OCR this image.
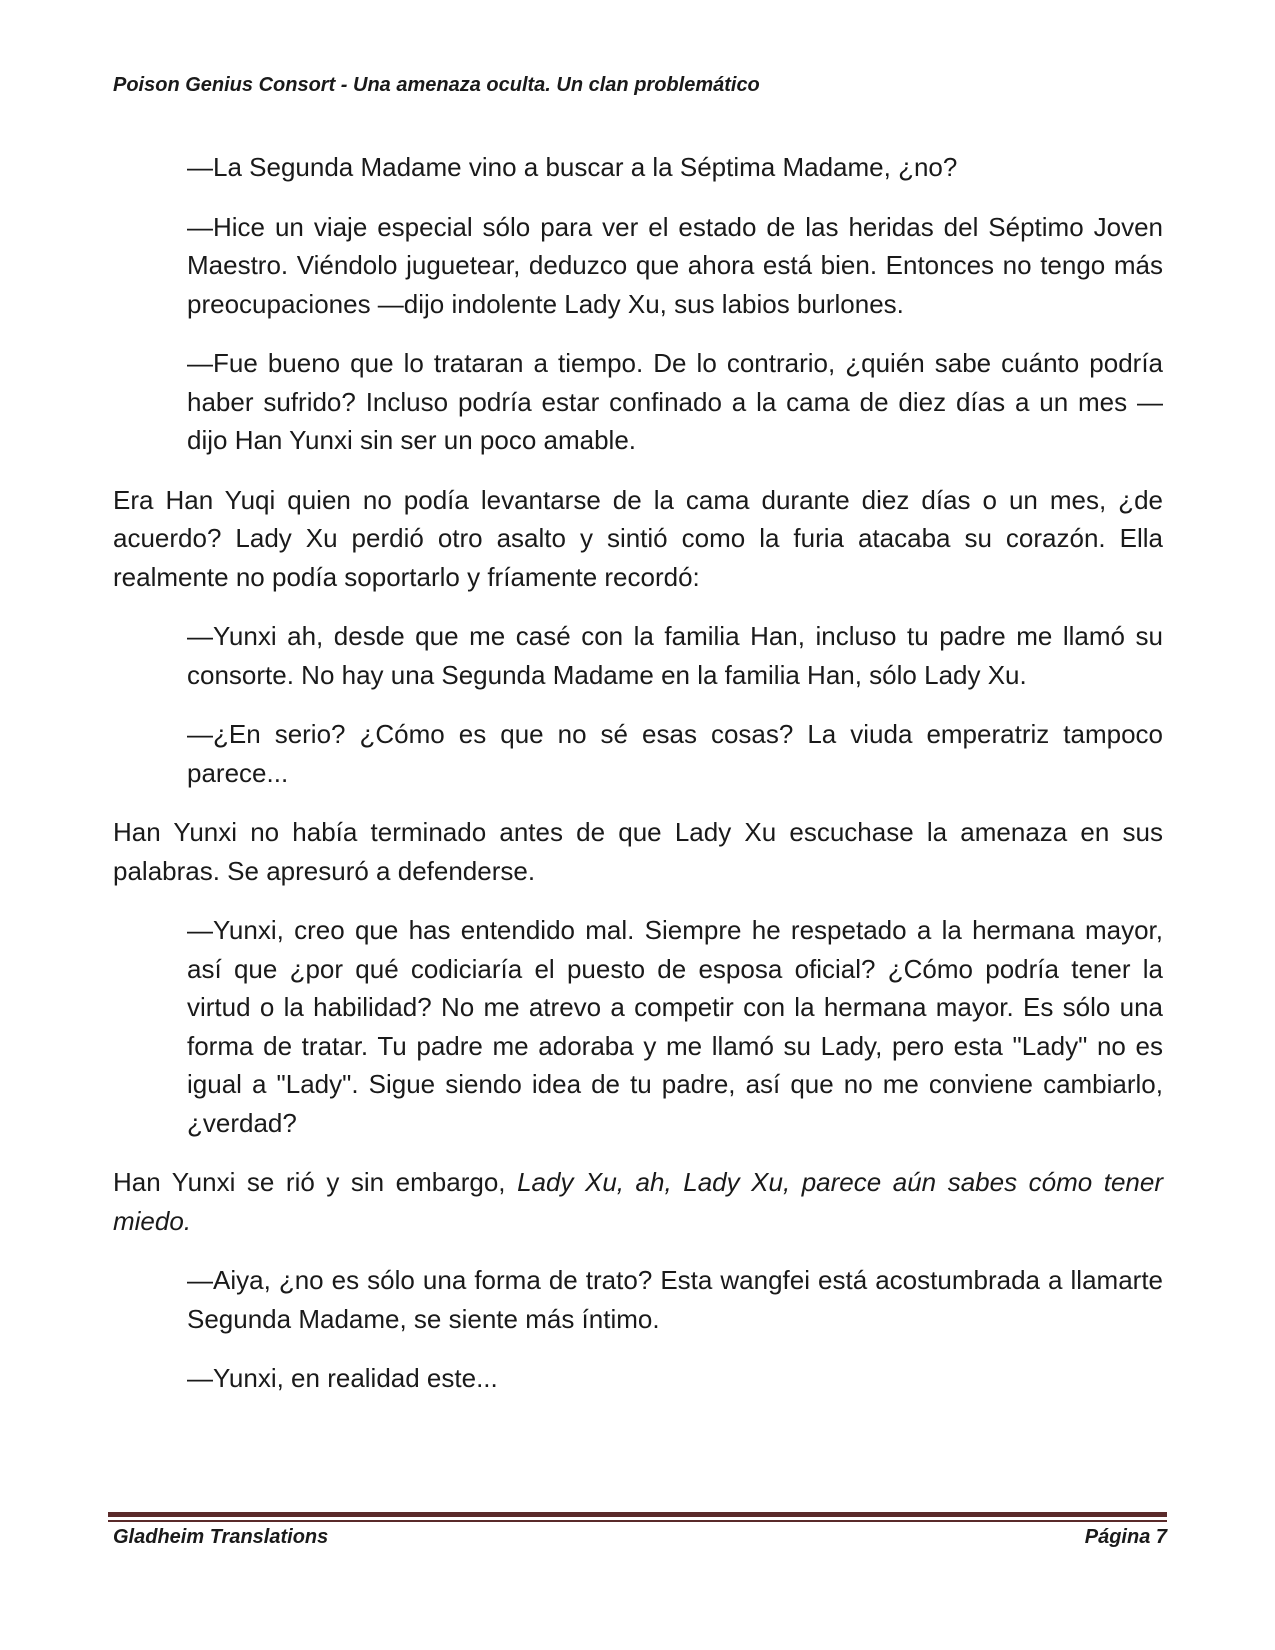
Poison Genius Consort - Una amenaza oculta. Un clan problemático

—La Segunda Madame vino a buscar a la Séptima Madame, ¿no?

—Hice un viaje especial sólo para ver el estado de las heridas del Séptimo Joven Maestro. Viéndolo juguetear, deduzco que ahora está bien. Entonces no tengo más preocupaciones —dijo indolente Lady Xu, sus labios burlones.

—Fue bueno que lo trataran a tiempo. De lo contrario, ¿quién sabe cuánto podría haber sufrido? Incluso podría estar confinado a la cama de diez días a un mes —dijo Han Yunxi sin ser un poco amable.

Era Han Yuqi quien no podía levantarse de la cama durante diez días o un mes, ¿de acuerdo? Lady Xu perdió otro asalto y sintió como la furia atacaba su corazón. Ella realmente no podía soportarlo y fríamente recordó:

—Yunxi ah, desde que me casé con la familia Han, incluso tu padre me llamó su consorte. No hay una Segunda Madame en la familia Han, sólo Lady Xu.

—¿En serio? ¿Cómo es que no sé esas cosas? La viuda emperatriz tampoco parece...

Han Yunxi no había terminado antes de que Lady Xu escuchase la amenaza en sus palabras. Se apresuró a defenderse.

—Yunxi, creo que has entendido mal. Siempre he respetado a la hermana mayor, así que ¿por qué codiciaría el puesto de esposa oficial? ¿Cómo podría tener la virtud o la habilidad? No me atrevo a competir con la hermana mayor. Es sólo una forma de tratar. Tu padre me adoraba y me llamó su Lady, pero esta "Lady" no es igual a "Lady". Sigue siendo idea de tu padre, así que no me conviene cambiarlo, ¿verdad?

Han Yunxi se rió y sin embargo, Lady Xu, ah, Lady Xu, parece aún sabes cómo tener miedo.

—Aiya, ¿no es sólo una forma de trato? Esta wangfei está acostumbrada a llamarte Segunda Madame, se siente más íntimo.

—Yunxi, en realidad este...

Gladheim Translations	Página 7
